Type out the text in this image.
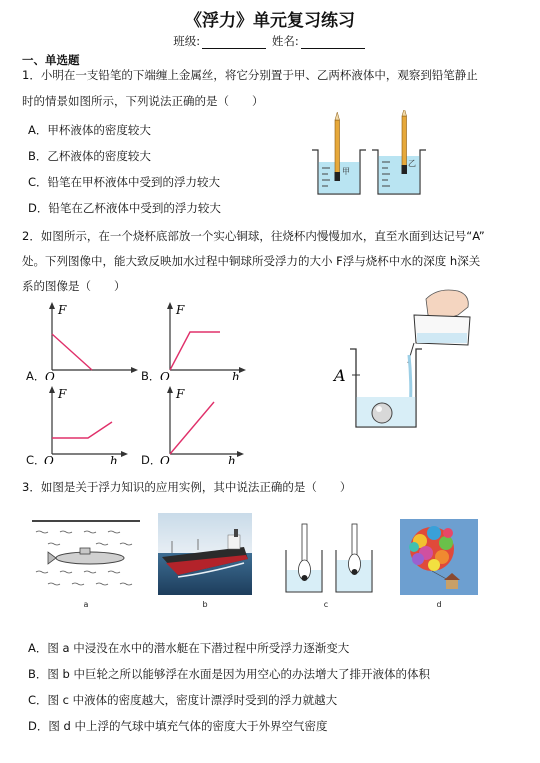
《浮力》单元复习练习
班级:	姓名:
一、单选题
1．小明在一支铅笔的下端缠上金属丝，将它分别置于甲、乙两杯液体中，观察到铅笔静止
时的情景如图所示，下列说法正确的是（　　）
A．甲杯液体的密度较大
B．乙杯液体的密度较大
C．铅笔在甲杯液体中受到的浮力较大
D．铅笔在乙杯液体中受到的浮力较大
甲
乙
2．如图所示，在一个烧杯底部放一个实心铜球，往烧杯内慢慢加水，直至水面到达记号“A”
处。下列图像中，能大致反映加水过程中铜球所受浮力的大小 F浮与烧杯中水的深度 h深关
系的图像是（　　）
A．
F
O	B．
F
O	h
C．
F
O	h D．
F
O	h
A
3．如图是关于浮力知识的应用实例，其中说法正确的是（　　）
a	b	c	d
A．图 a 中浸没在水中的潜水艇在下潜过程中所受浮力逐渐变大
B．图 b 中巨轮之所以能够浮在水面是因为用空心的办法增大了排开液体的体积
C．图 c 中液体的密度越大，密度计漂浮时受到的浮力就越大
D．图 d 中上浮的气球中填充气体的密度大于外界空气密度
